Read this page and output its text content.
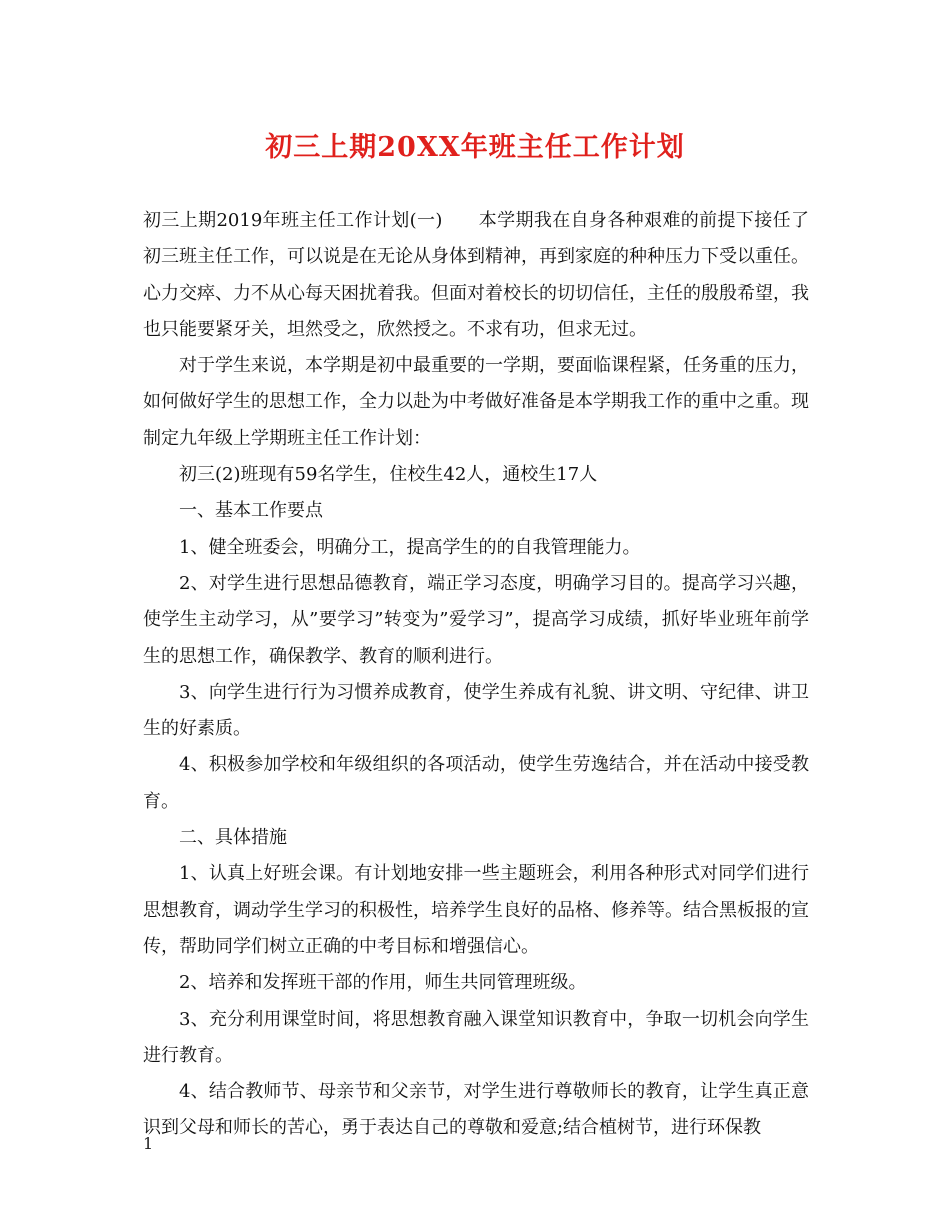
初三上期20XX年班主任工作计划

初三上期2019年班主任工作计划(一) 本学期我在自身各种艰难的前提下接任了初三班主任工作，可以说是在无论从身体到精神，再到家庭的种种压力下受以重任。心力交瘁、力不从心每天困扰着我。但面对着校长的切切信任，主任的殷殷希望，我也只能要紧牙关，坦然受之，欣然授之。不求有功，但求无过。

对于学生来说，本学期是初中最重要的一学期，要面临课程紧，任务重的压力，如何做好学生的思想工作，全力以赴为中考做好准备是本学期我工作的重中之重。现制定九年级上学期班主任工作计划：

初三(2)班现有59名学生，住校生42人，通校生17人

一、基本工作要点

1、健全班委会，明确分工，提高学生的的自我管理能力。

2、对学生进行思想品德教育，端正学习态度，明确学习目的。提高学习兴趣，使学生主动学习，从”要学习”转变为”爱学习”，提高学习成绩，抓好毕业班年前学生的思想工作，确保教学、教育的顺利进行。

3、向学生进行行为习惯养成教育，使学生养成有礼貌、讲文明、守纪律、讲卫生的好素质。

4、积极参加学校和年级组织的各项活动，使学生劳逸结合，并在活动中接受教育。

二、具体措施

1、认真上好班会课。有计划地安排一些主题班会，利用各种形式对同学们进行思想教育，调动学生学习的积极性，培养学生良好的品格、修养等。结合黑板报的宣传，帮助同学们树立正确的中考目标和增强信心。

2、培养和发挥班干部的作用，师生共同管理班级。

3、充分利用课堂时间，将思想教育融入课堂知识教育中，争取一切机会向学生进行教育。

4、结合教师节、母亲节和父亲节，对学生进行尊敬师长的教育，让学生真正意识到父母和师长的苦心，勇于表达自己的尊敬和爱意;结合植树节，进行环保教

1
